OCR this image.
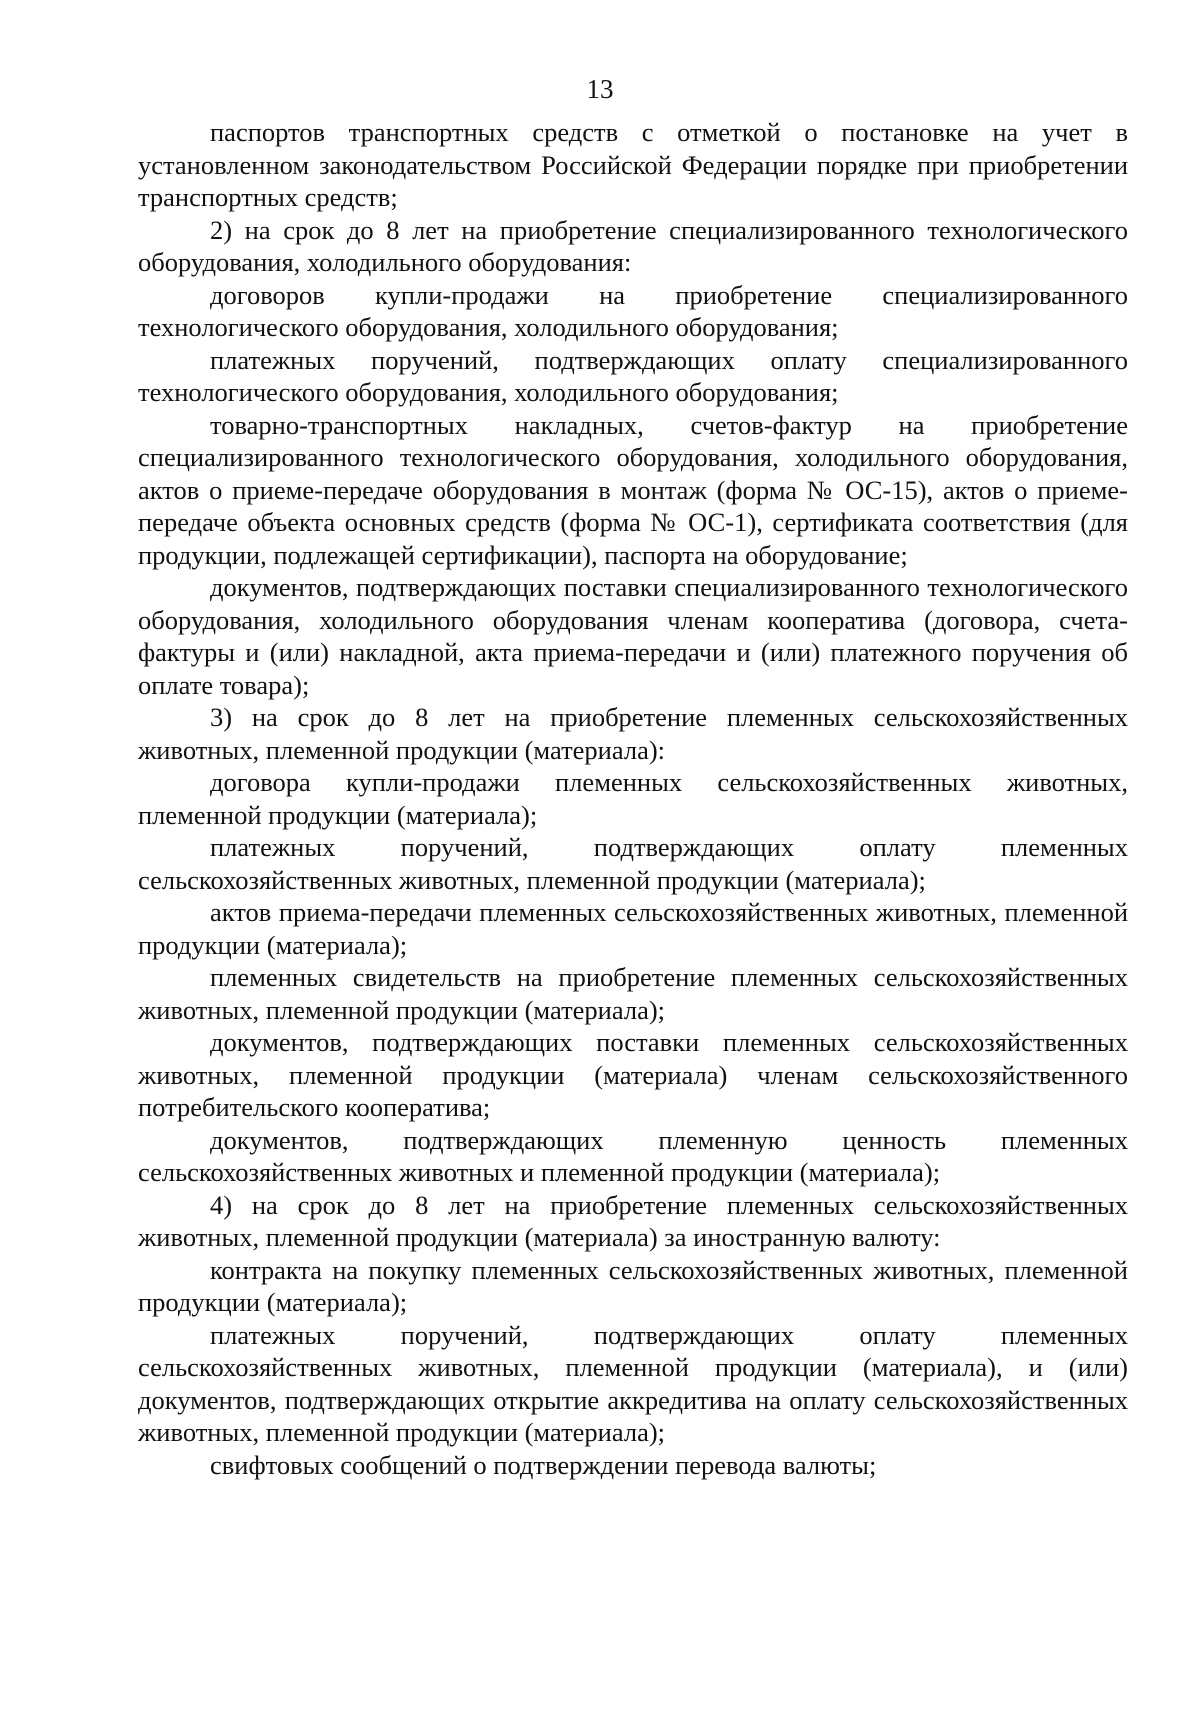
13

паспортов транспортных средств с отметкой о постановке на учет в установленном законодательством Российской Федерации порядке при приобретении транспортных средств;

2) на срок до 8 лет на приобретение специализированного технологического оборудования, холодильного оборудования:

договоров купли-продажи на приобретение специализированного технологического оборудования, холодильного оборудования;

платежных поручений, подтверждающих оплату специализированного технологического оборудования, холодильного оборудования;

товарно-транспортных накладных, счетов-фактур на приобретение специализированного технологического оборудования, холодильного оборудования, актов о приеме-передаче оборудования в монтаж (форма № ОС-15), актов о приеме-передаче объекта основных средств (форма № ОС-1), сертификата соответствия (для продукции, подлежащей сертификации), паспорта на оборудование;

документов, подтверждающих поставки специализированного технологического оборудования, холодильного оборудования членам кооператива (договора, счета-фактуры и (или) накладной, акта приема-передачи и (или) платежного поручения об оплате товара);

3) на срок до 8 лет на приобретение племенных сельскохозяйственных животных, племенной продукции (материала):

договора купли-продажи племенных сельскохозяйственных животных, племенной продукции (материала);

платежных поручений, подтверждающих оплату племенных сельскохозяйственных животных, племенной продукции (материала);

актов приема-передачи племенных сельскохозяйственных животных, племенной продукции (материала);

племенных свидетельств на приобретение племенных сельскохозяйственных животных, племенной продукции (материала);

документов, подтверждающих поставки племенных сельскохозяйственных животных, племенной продукции (материала) членам сельскохозяйственного потребительского кооператива;

документов, подтверждающих племенную ценность племенных сельскохозяйственных животных и племенной продукции (материала);

4) на срок до 8 лет на приобретение племенных сельскохозяйственных животных, племенной продукции (материала) за иностранную валюту:

контракта на покупку племенных сельскохозяйственных животных, племенной продукции (материала);

платежных поручений, подтверждающих оплату племенных сельскохозяйственных животных, племенной продукции (материала), и (или) документов, подтверждающих открытие аккредитива на оплату сельскохозяйственных животных, племенной продукции (материала);

свифтовых сообщений о подтверждении перевода валюты;
